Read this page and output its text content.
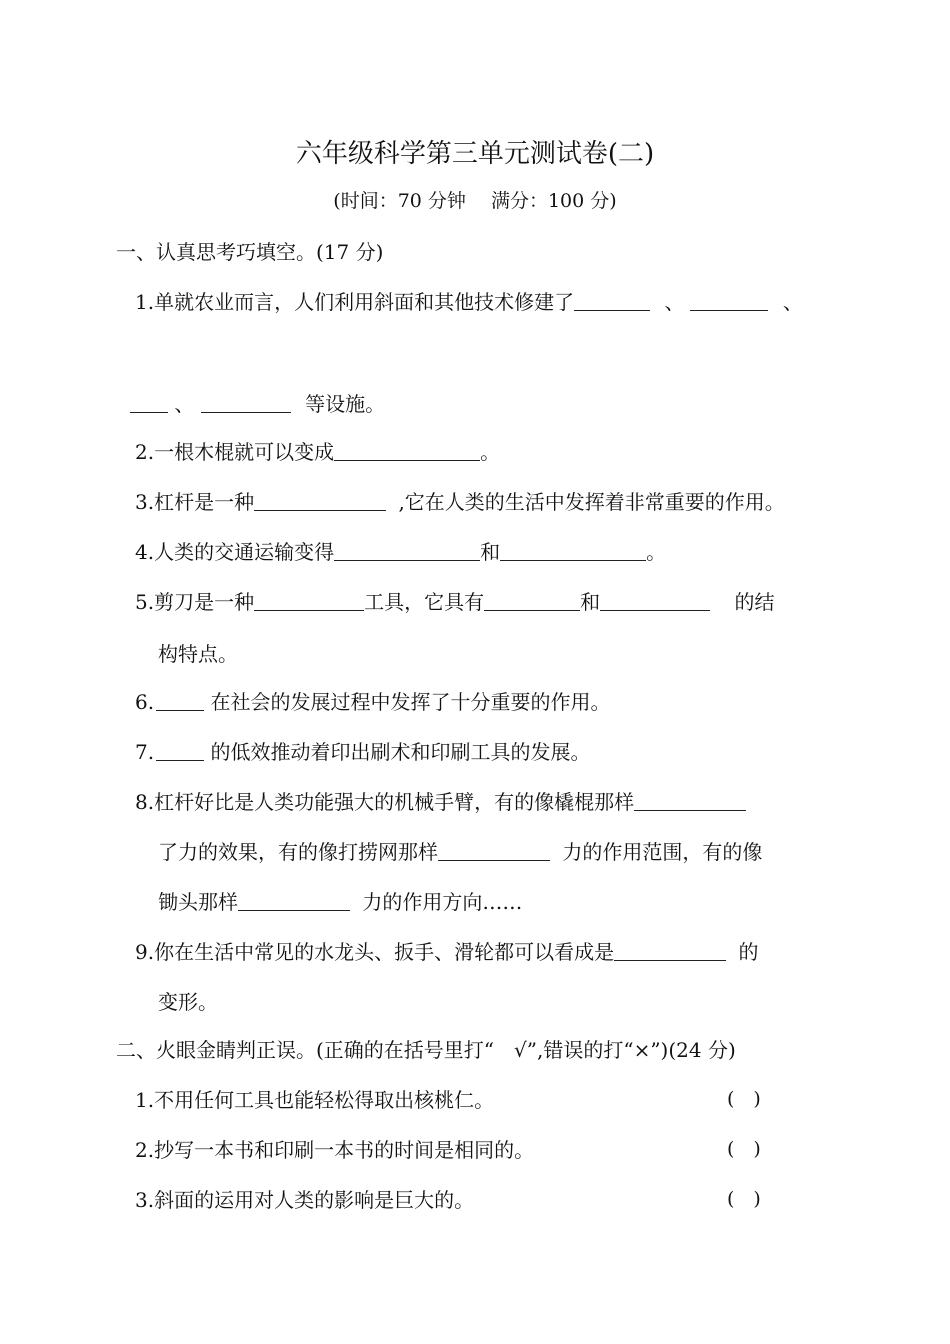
六年级科学第三单元测试卷(二)
(时间：70 分钟　 满分：100 分)
一、认真思考巧填空。(17 分)
1.单就农业而言，人们利用斜面和其他技术修建了	、	、
、	等设施。
2.一根木棍就可以变成	。
3.杠杆是一种	,它在人类的生活中发挥着非常重要的作用。
4.人类的交通运输变得	和	。
5.剪刀是一种	工具，它具有	和	的结
构特点。
6.	在社会的发展过程中发挥了十分重要的作用。
7.	的低效推动着印出刷术和印刷工具的发展。
8.杠杆好比是人类功能强大的机械手臂，有的像橇棍那样
了力的效果，有的像打捞网那样	力的作用范围，有的像
锄头那样	力的作用方向……
9.你在生活中常见的水龙头、扳手、滑轮都可以看成是	的
变形。
二、火眼金睛判正误。(正确的在括号里打“　√”,错误的打“×”)(24 分)
1.不用任何工具也能轻松得取出核桃仁。	(　)
2.抄写一本书和印刷一本书的时间是相同的。	(　)
3.斜面的运用对人类的影响是巨大的。	(　)
